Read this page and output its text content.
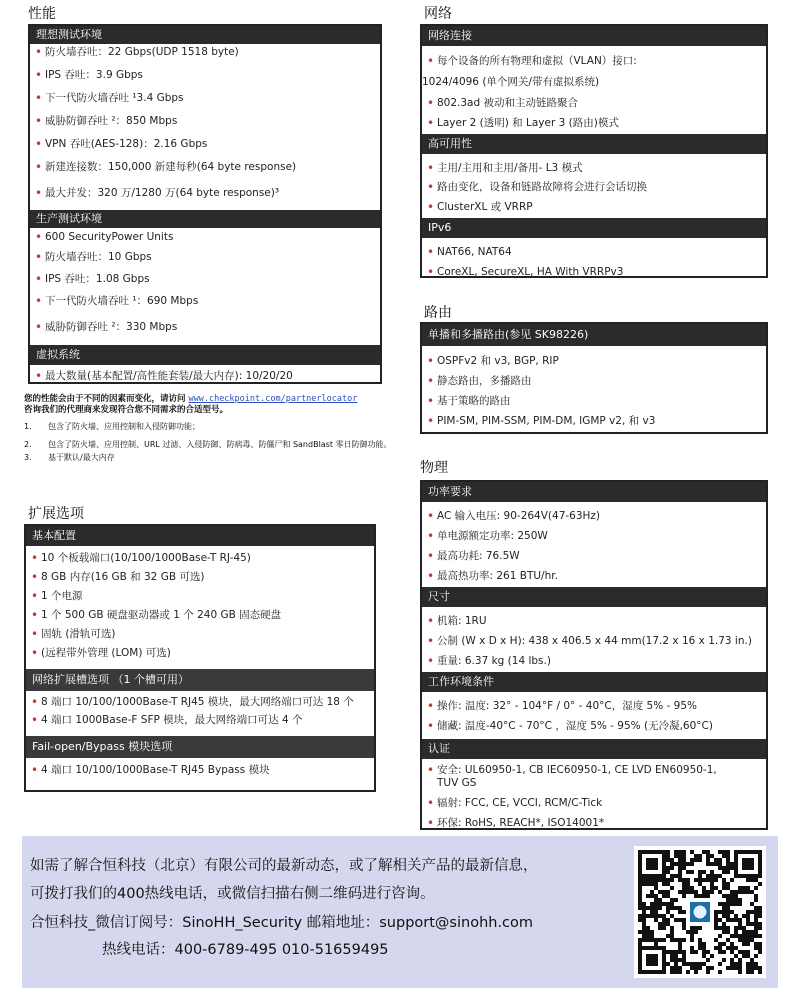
性能
理想测试环境
• 防火墙吞吐：22 Gbps(UDP 1518 byte)
• IPS 吞吐：3.9 Gbps
• 下一代防火墙吞吐 ¹3.4 Gbps
• 威胁防御吞吐 ²：850 Mbps
• VPN 吞吐(AES-128)：2.16 Gbps
• 新建连接数：150,000 新建每秒(64 byte response)
• 最大并发：320 万/1280 万(64 byte response)³
生产测试环境
• 600 SecurityPower Units
• 防火墙吞吐：10 Gbps
• IPS 吞吐：1.08 Gbps
• 下一代防火墙吞吐 ¹：690 Mbps
• 威胁防御吞吐 ²：330 Mbps
虚拟系统
• 最大数量(基本配置/高性能套装/最大内存): 10/20/20
您的性能会由于不同的因素而变化，请访问 www.checkpoint.com/partnerlocator
咨询我们的代理商来发现符合您不同需求的合适型号。
1. 包含了防火墙、应用控制和入侵防御功能；
2. 包含了防火墙、应用控制、URL 过滤、入侵防御、防病毒、防僵尸和 SandBlast 零日防御功能。
3. 基于默认/最大内存
扩展选项
基本配置
• 10 个板载端口(10/100/1000Base-T RJ-45)
• 8 GB 内存(16 GB 和 32 GB 可选)
• 1 个电源
• 1 个 500 GB 硬盘驱动器或 1 个 240 GB 固态硬盘
• 固轨 (滑轨可选)
• (远程带外管理 (LOM) 可选)
网络扩展槽选项 （1 个槽可用）
• 8 端口 10/100/1000Base-T RJ45 模块，最大网络端口可达 18 个
• 4 端口 1000Base-F SFP 模块，最大网络端口可达 4 个
Fail-open/Bypass 模块选项
• 4 端口 10/100/1000Base-T RJ45 Bypass 模块
网络
网络连接
• 每个设备的所有物理和虚拟（VLAN）接口:
1024/4096 (单个网关/带有虚拟系统)
• 802.3ad 被动和主动链路聚合
• Layer 2 (透明) 和 Layer 3 (路由)模式
高可用性
• 主用/主用和主用/备用- L3 模式
• 路由变化，设备和链路故障将会进行会话切换
• ClusterXL 或 VRRP
IPv6
• NAT66, NAT64
• CoreXL, SecureXL, HA With VRRPv3
路由
单播和多播路由(参见 SK98226)
• OSPFv2 和 v3, BGP, RIP
• 静态路由，多播路由
• 基于策略的路由
• PIM-SM, PIM-SSM, PIM-DM, IGMP v2, 和 v3
物理
功率要求
• AC 输入电压: 90-264V(47-63Hz)
• 单电源额定功率: 250W
• 最高功耗: 76.5W
• 最高热功率: 261 BTU/hr.
尺寸
• 机箱: 1RU
• 公制 (W x D x H): 438 x 406.5 x 44 mm(17.2 x 16 x 1.73 in.)
• 重量: 6.37 kg (14 lbs.)
工作环境条件
• 操作: 温度: 32° - 104°F / 0° - 40°C，湿度 5% - 95%
• 储藏: 温度-40°C - 70°C ，湿度 5% - 95% (无冷凝,60°C)
认证
• 安全: UL60950-1, CB IEC60950-1, CE LVD EN60950-1,
TUV GS
• 辐射: FCC, CE, VCCI, RCM/C-Tick
• 环保: RoHS, REACH*, ISO14001*
如需了解合恒科技（北京）有限公司的最新动态，或了解相关产品的最新信息，
可拨打我们的400热线电话，或微信扫描右侧二维码进行咨询。
合恒科技_微信订阅号：SinoHH_Security 邮箱地址：support@sinohh.com
热线电话：400-6789-495 010-51659495
